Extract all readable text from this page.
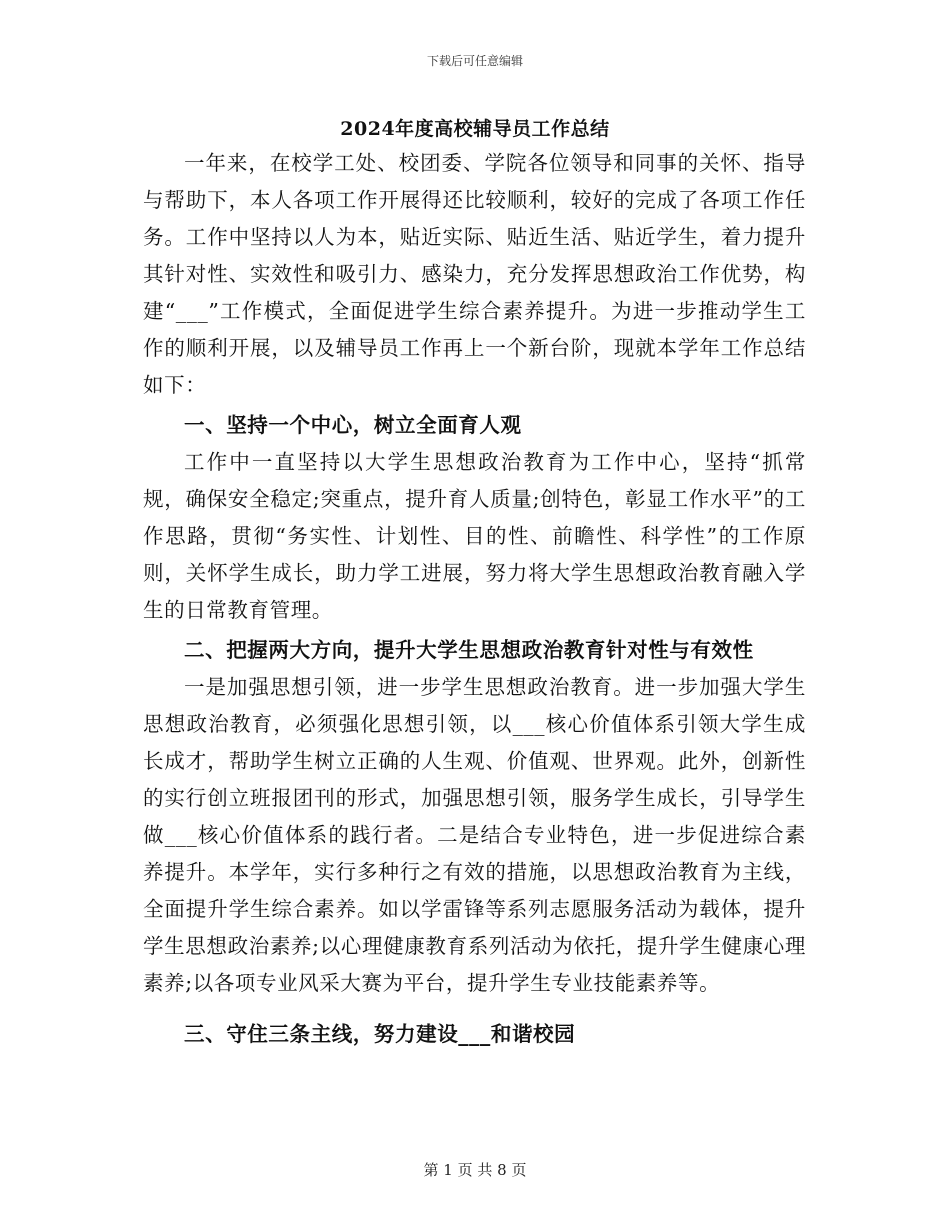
下载后可任意编辑
2024年度高校辅导员工作总结

一年来，在校学工处、校团委、学院各位领导和同事的关怀、指导与帮助下，本人各项工作开展得还比较顺利，较好的完成了各项工作任务。工作中坚持以人为本，贴近实际、贴近生活、贴近学生，着力提升其针对性、实效性和吸引力、感染力，充分发挥思想政治工作优势，构建“___”工作模式，全面促进学生综合素养提升。为进一步推动学生工作的顺利开展，以及辅导员工作再上一个新台阶，现就本学年工作总结如下：

一、坚持一个中心，树立全面育人观

工作中一直坚持以大学生思想政治教育为工作中心，坚持“抓常规，确保安全稳定;突重点，提升育人质量;创特色，彰显工作水平”的工作思路，贯彻“务实性、计划性、目的性、前瞻性、科学性”的工作原则，关怀学生成长，助力学工进展，努力将大学生思想政治教育融入学生的日常教育管理。

二、把握两大方向，提升大学生思想政治教育针对性与有效性

一是加强思想引领，进一步学生思想政治教育。进一步加强大学生思想政治教育，必须强化思想引领，以___核心价值体系引领大学生成长成才，帮助学生树立正确的人生观、价值观、世界观。此外，创新性的实行创立班报团刊的形式，加强思想引领，服务学生成长，引导学生做___核心价值体系的践行者。二是结合专业特色，进一步促进综合素养提升。本学年，实行多种行之有效的措施，以思想政治教育为主线，全面提升学生综合素养。如以学雷锋等系列志愿服务活动为载体，提升学生思想政治素养;以心理健康教育系列活动为依托，提升学生健康心理素养;以各项专业风采大赛为平台，提升学生专业技能素养等。

三、守住三条主线，努力建设___和谐校园

第 1 页 共 8 页
